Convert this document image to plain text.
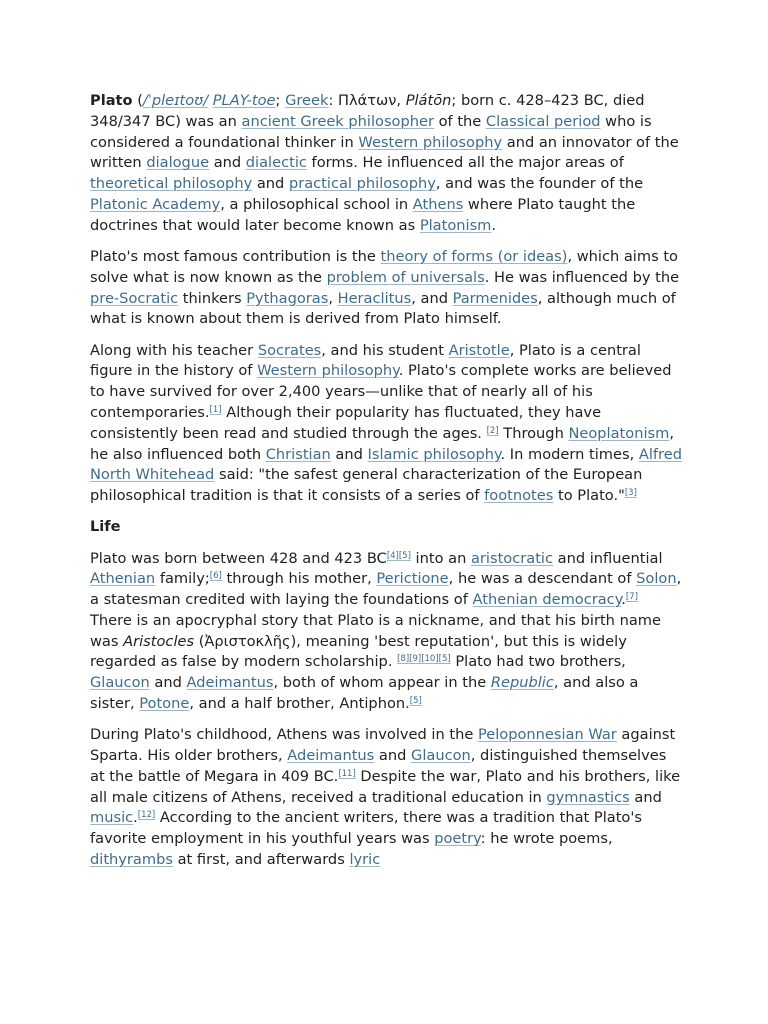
Plato (/ˈpleɪtoʊ/ PLAY-toe; Greek: Πλάτων, Plátōn; born c. 428–423 BC, died 348/347 BC) was an ancient Greek philosopher of the Classical period who is considered a foundational thinker in Western philosophy and an innovator of the written dialogue and dialectic forms. He influenced all the major areas of theoretical philosophy and practical philosophy, and was the founder of the Platonic Academy, a philosophical school in Athens where Plato taught the doctrines that would later become known as Platonism.

Plato's most famous contribution is the theory of forms (or ideas), which aims to solve what is now known as the problem of universals. He was influenced by the pre-Socratic thinkers Pythagoras, Heraclitus, and Parmenides, although much of what is known about them is derived from Plato himself.

Along with his teacher Socrates, and his student Aristotle, Plato is a central figure in the history of Western philosophy. Plato's complete works are believed to have survived for over 2,400 years—unlike that of nearly all of his contemporaries.[1] Although their popularity has fluctuated, they have consistently been read and studied through the ages. [2] Through Neoplatonism, he also influenced both Christian and Islamic philosophy. In modern times, Alfred North Whitehead said: "the safest general characterization of the European philosophical tradition is that it consists of a series of footnotes to Plato."[3]

Life

Plato was born between 428 and 423 BC[4][5] into an aristocratic and influential Athenian family;[6] through his mother, Perictione, he was a descendant of Solon, a statesman credited with laying the foundations of Athenian democracy.[7] There is an apocryphal story that Plato is a nickname, and that his birth name was Aristocles (Ἀριστοκλῆς), meaning 'best reputation', but this is widely regarded as false by modern scholarship. [8][9][10][5] Plato had two brothers, Glaucon and Adeimantus, both of whom appear in the Republic, and also a sister, Potone, and a half brother, Antiphon.[5]

During Plato's childhood, Athens was involved in the Peloponnesian War against Sparta. His older brothers, Adeimantus and Glaucon, distinguished themselves at the battle of Megara in 409 BC.[11] Despite the war, Plato and his brothers, like all male citizens of Athens, received a traditional education in gymnastics and music.[12] According to the ancient writers, there was a tradition that Plato's favorite employment in his youthful years was poetry: he wrote poems, dithyrambs at first, and afterwards lyric
